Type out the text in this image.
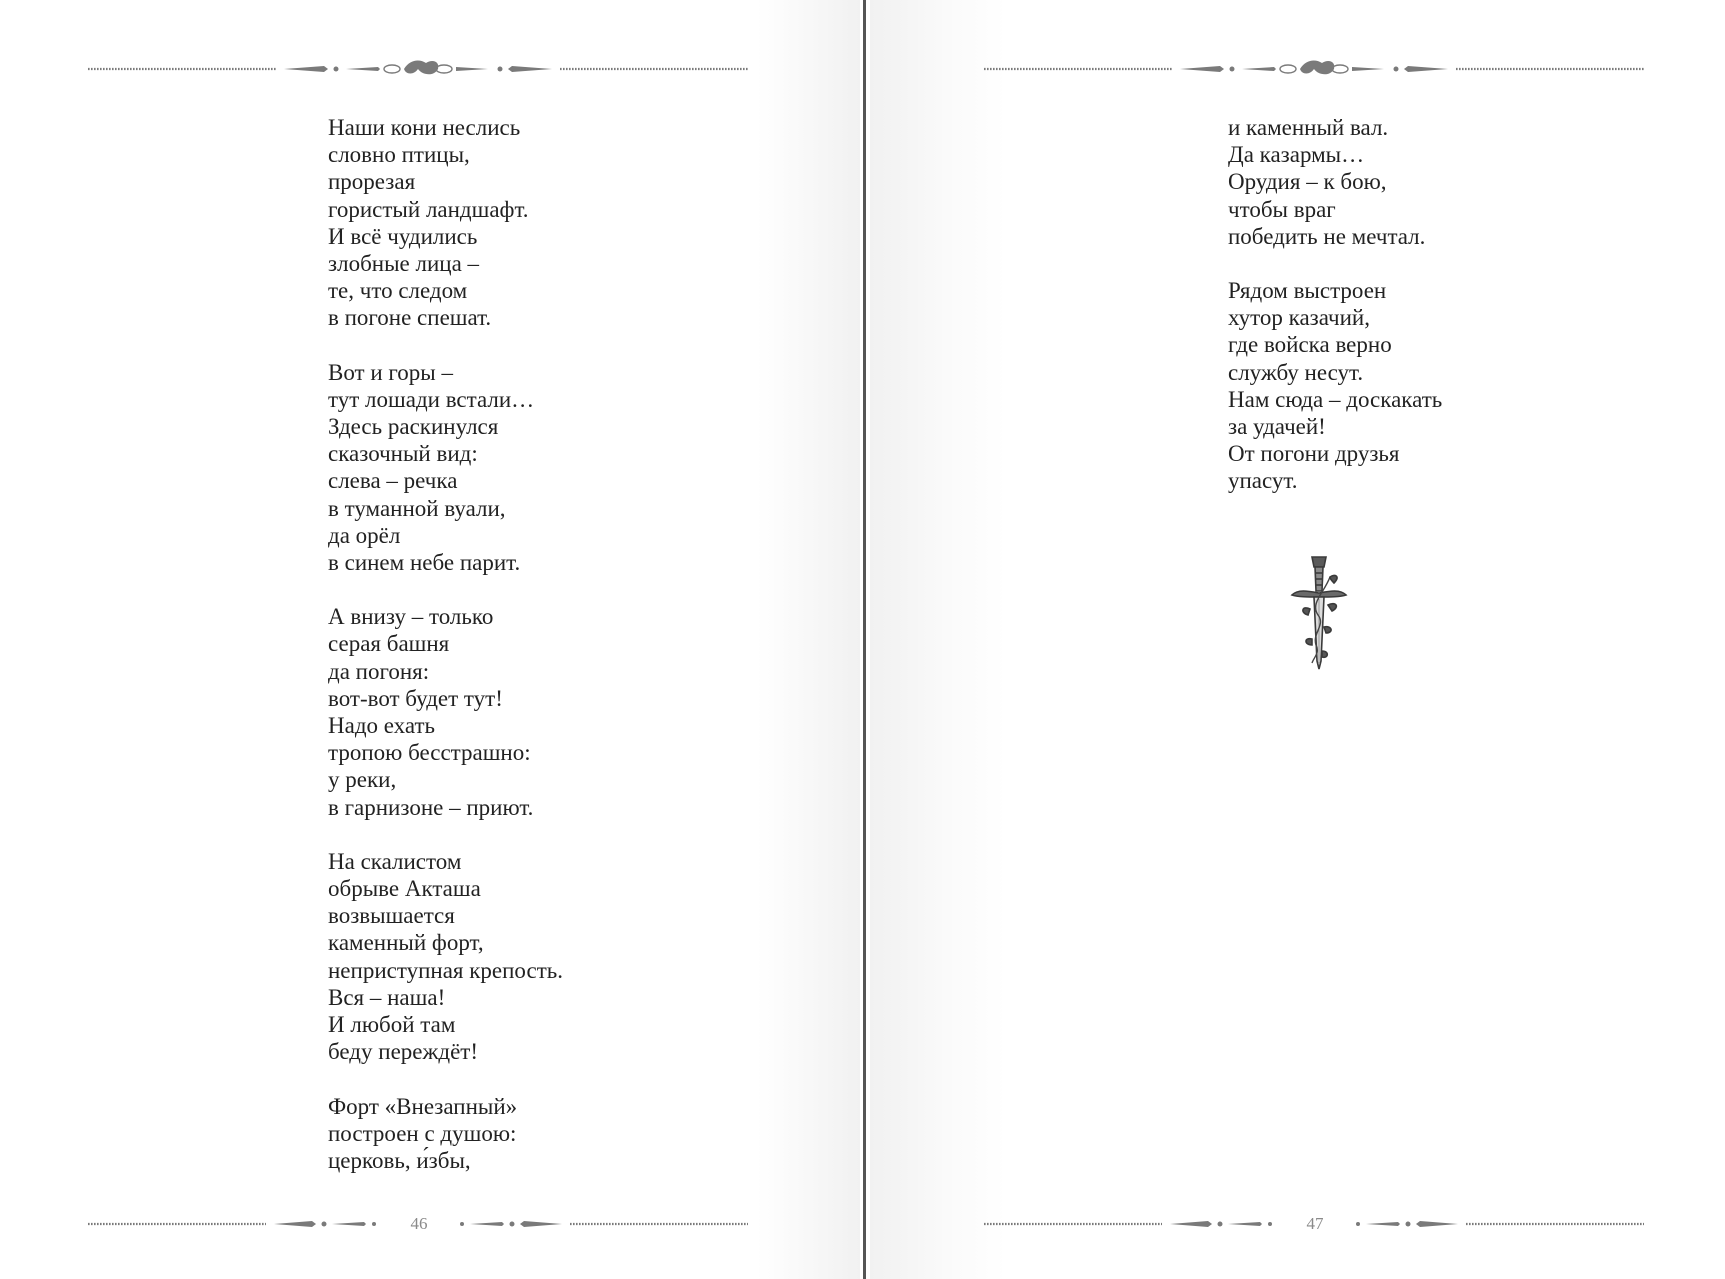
Наши кони неслись
словно птицы,
прорезая
гористый ландшафт.
И всё чудились
злобные лица –
те, что следом
в погоне спешат.
Вот и горы –
тут лошади встали…
Здесь раскинулся
сказочный вид:
слева – речка
в туманной вуали,
да орёл
в синем небе парит.
А внизу – только
серая башня
да погоня:
вот-вот будет тут!
Надо ехать
тропою бесстрашно:
у реки,
в гарнизоне – приют.
На скалистом
обрыве Акташа
возвышается
каменный форт,
неприступная крепость.
Вся – наша!
И любой там
беду переждёт!
Форт «Внезапный»
построен с душою:
церковь, и́збы,
46
и каменный вал.
Да казармы…
Орудия – к бою,
чтобы враг
победить не мечтал.
Рядом выстроен
хутор казачий,
где войска верно
службу несут.
Нам сюда – доскакать
за удачей!
От погони друзья
упасут.
47
